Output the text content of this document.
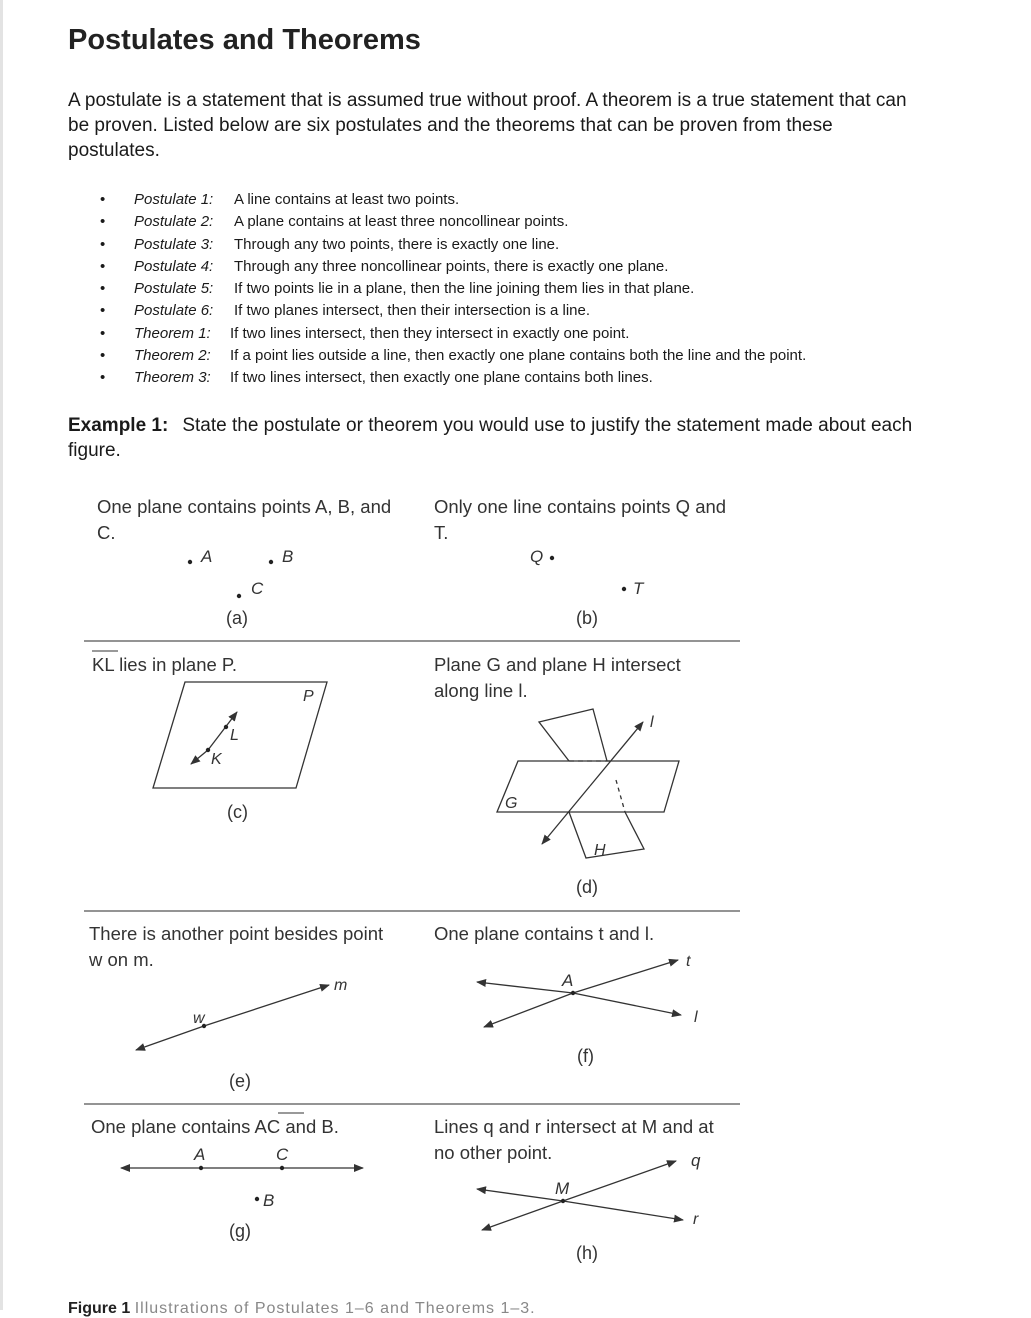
Postulates and Theorems

A postulate is a statement that is assumed true without proof. A theorem is a true statement that can be proven. Listed below are six postulates and the theorems that can be proven from these postulates.

• Postulate 1: A line contains at least two points.
• Postulate 2: A plane contains at least three noncollinear points.
• Postulate 3: Through any two points, there is exactly one line.
• Postulate 4: Through any three noncollinear points, there is exactly one plane.
• Postulate 5: If two points lie in a plane, then the line joining them lies in that plane.
• Postulate 6: If two planes intersect, then their intersection is a line.
• Theorem 1: If two lines intersect, then they intersect in exactly one point.
• Theorem 2: If a point lies outside a line, then exactly one plane contains both the line and the point.
• Theorem 3: If two lines intersect, then exactly one plane contains both lines.

Example 1: State the postulate or theorem you would use to justify the statement made about each figure.

One plane contains points A, B, and C.

Only one line contains points Q and T.

KL lies in plane P.	Plane G and plane H intersect along line l.

There is another point besides point w on m.

One plane contains t and l.

One plane contains AC and B.	Lines q and r intersect at M and at no other point.

A	B
C
(a)
Q
T
(b)
P
L
K
(c)	G
H
l
(d)
w
m
(e)
A
t
l
(f)
A	C
B
(g)
M
q
r
(h)
Figure 1 Illustrations of Postulates 1–6 and Theorems 1–3.
